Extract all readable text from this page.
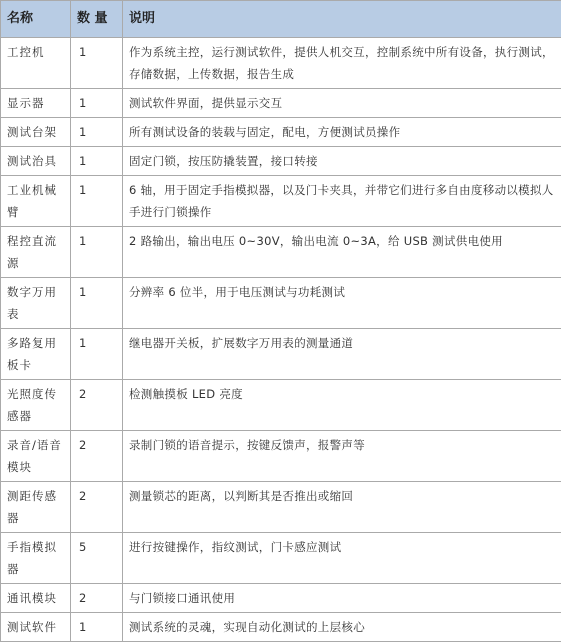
名称	数 量	说明
工控机	1	作为系统主控，运行测试软件，提供人机交互，控制系统中所有设备，执行测试，存储数据，上传数据，报告生成
显示器	1	测试软件界面，提供显示交互
测试台架	1	所有测试设备的装载与固定，配电，方便测试员操作
测试治具	1	固定门锁，按压防撬装置，接口转接
工业机械臂	1	6 轴，用于固定手指模拟器，以及门卡夹具，并带它们进行多自由度移动以模拟人手进行门锁操作
程控直流源	1	2 路输出，输出电压 0~30V，输出电流 0~3A，给 USB 测试供电使用
数字万用表	1	分辨率 6 位半，用于电压测试与功耗测试
多路复用板卡	1	继电器开关板，扩展数字万用表的测量通道
光照度传感器	2	检测触摸板 LED 亮度
录音/语音模块	2	录制门锁的语音提示，按键反馈声，报警声等
测距传感器	2	测量锁芯的距离，以判断其是否推出或缩回
手指模拟器	5	进行按键操作，指纹测试，门卡感应测试
通讯模块	2	与门锁接口通讯使用
测试软件	1	测试系统的灵魂，实现自动化测试的上层核心
